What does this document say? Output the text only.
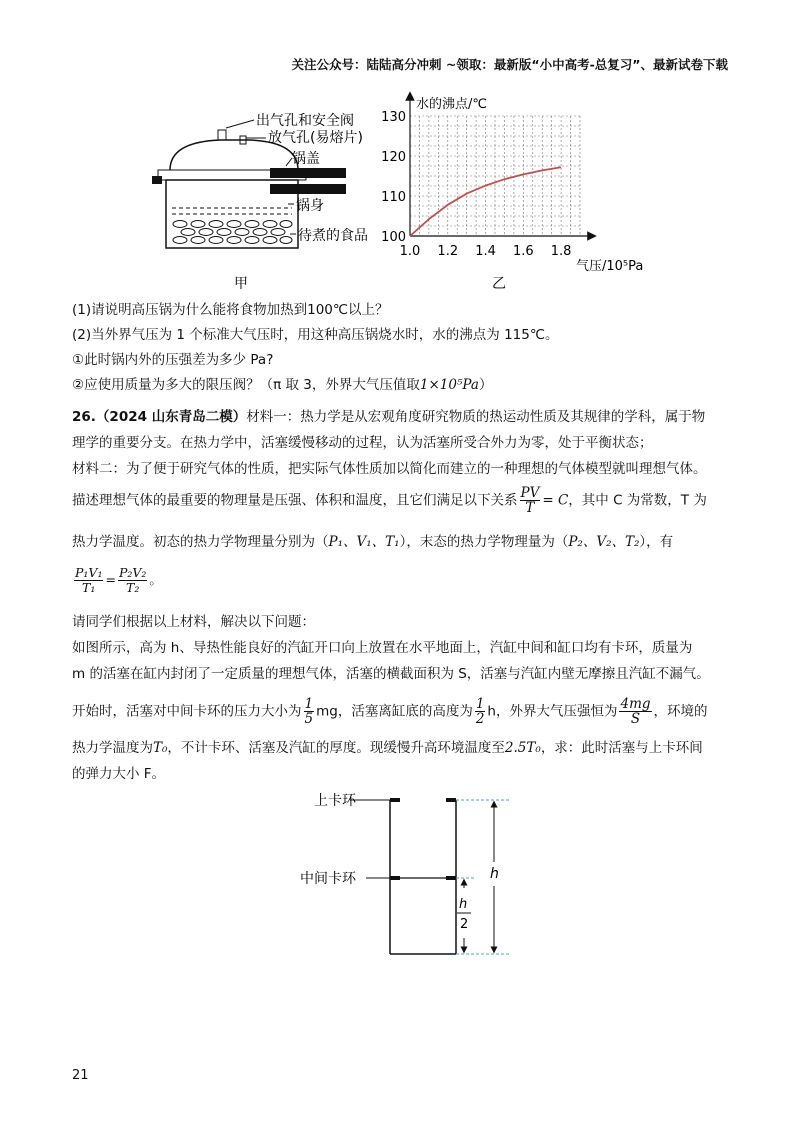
关注公众号：陆陆高分冲刺 ~领取：最新版“小中高考-总复习”、最新试卷下载
出气孔和安全阀
放气孔(易熔片)
锅盖
锅身
待煮的食品
甲
100
110
120
130
1.0 1.2 1.4 1.6 1.8
水的沸点/℃
气压/10⁵Pa
乙
(1)请说明高压锅为什么能将食物加热到100℃以上？
(2)当外界气压为 1 个标准大气压时，用这种高压锅烧水时，水的沸点为 115℃。
①此时锅内外的压强差为多少 Pa?
②应使用质量为多大的限压阀？（π 取 3，外界大气压值取1×10⁵Pa）
26.（2024 山东青岛二模）材料一：热力学是从宏观角度研究物质的热运动性质及其规律的学科，属于物
理学的重要分支。在热力学中，活塞缓慢移动的过程，认为活塞所受合外力为零，处于平衡状态；
材料二：为了便于研究气体的性质，把实际气体性质加以简化而建立的一种理想的气体模型就叫理想气体。
描述理想气体的最重要的物理量是压强、体积和温度，且它们满足以下关系 $\frac{PV}{T} = C$，其中 C 为常数，T 为
热力学温度。初态的热力学物理量分别为（P₁、V₁、T₁），末态的热力学物理量为（P₂、V₂、T₂），有
$\frac{\text{P₁V₁}}{\text{T₁}} = \frac{\text{P₂V₂}}{\text{T₂}}$ 。
请同学们根据以上材料，解决以下问题：
如图所示，高为 h、导热性能良好的汽缸开口向上放置在水平地面上，汽缸中间和缸口均有卡环，质量为
m 的活塞在缸内封闭了一定质量的理想气体，活塞的横截面积为 S，活塞与汽缸内壁无摩擦且汽缸不漏气。
开始时，活塞对中间卡环的压力大小为 $\frac{1}{5}$ mg，活塞离缸底的高度为 $\frac{1}{2}$ h，外界大气压强恒为 $\frac{4mg}{S}$ ，环境的
热力学温度为T₀，不计卡环、活塞及汽缸的厚度。现缓慢升高环境温度至2.5T₀，求：此时活塞与上卡环间
的弹力大小 F。
上卡环
中间卡环	h
h
2
21
